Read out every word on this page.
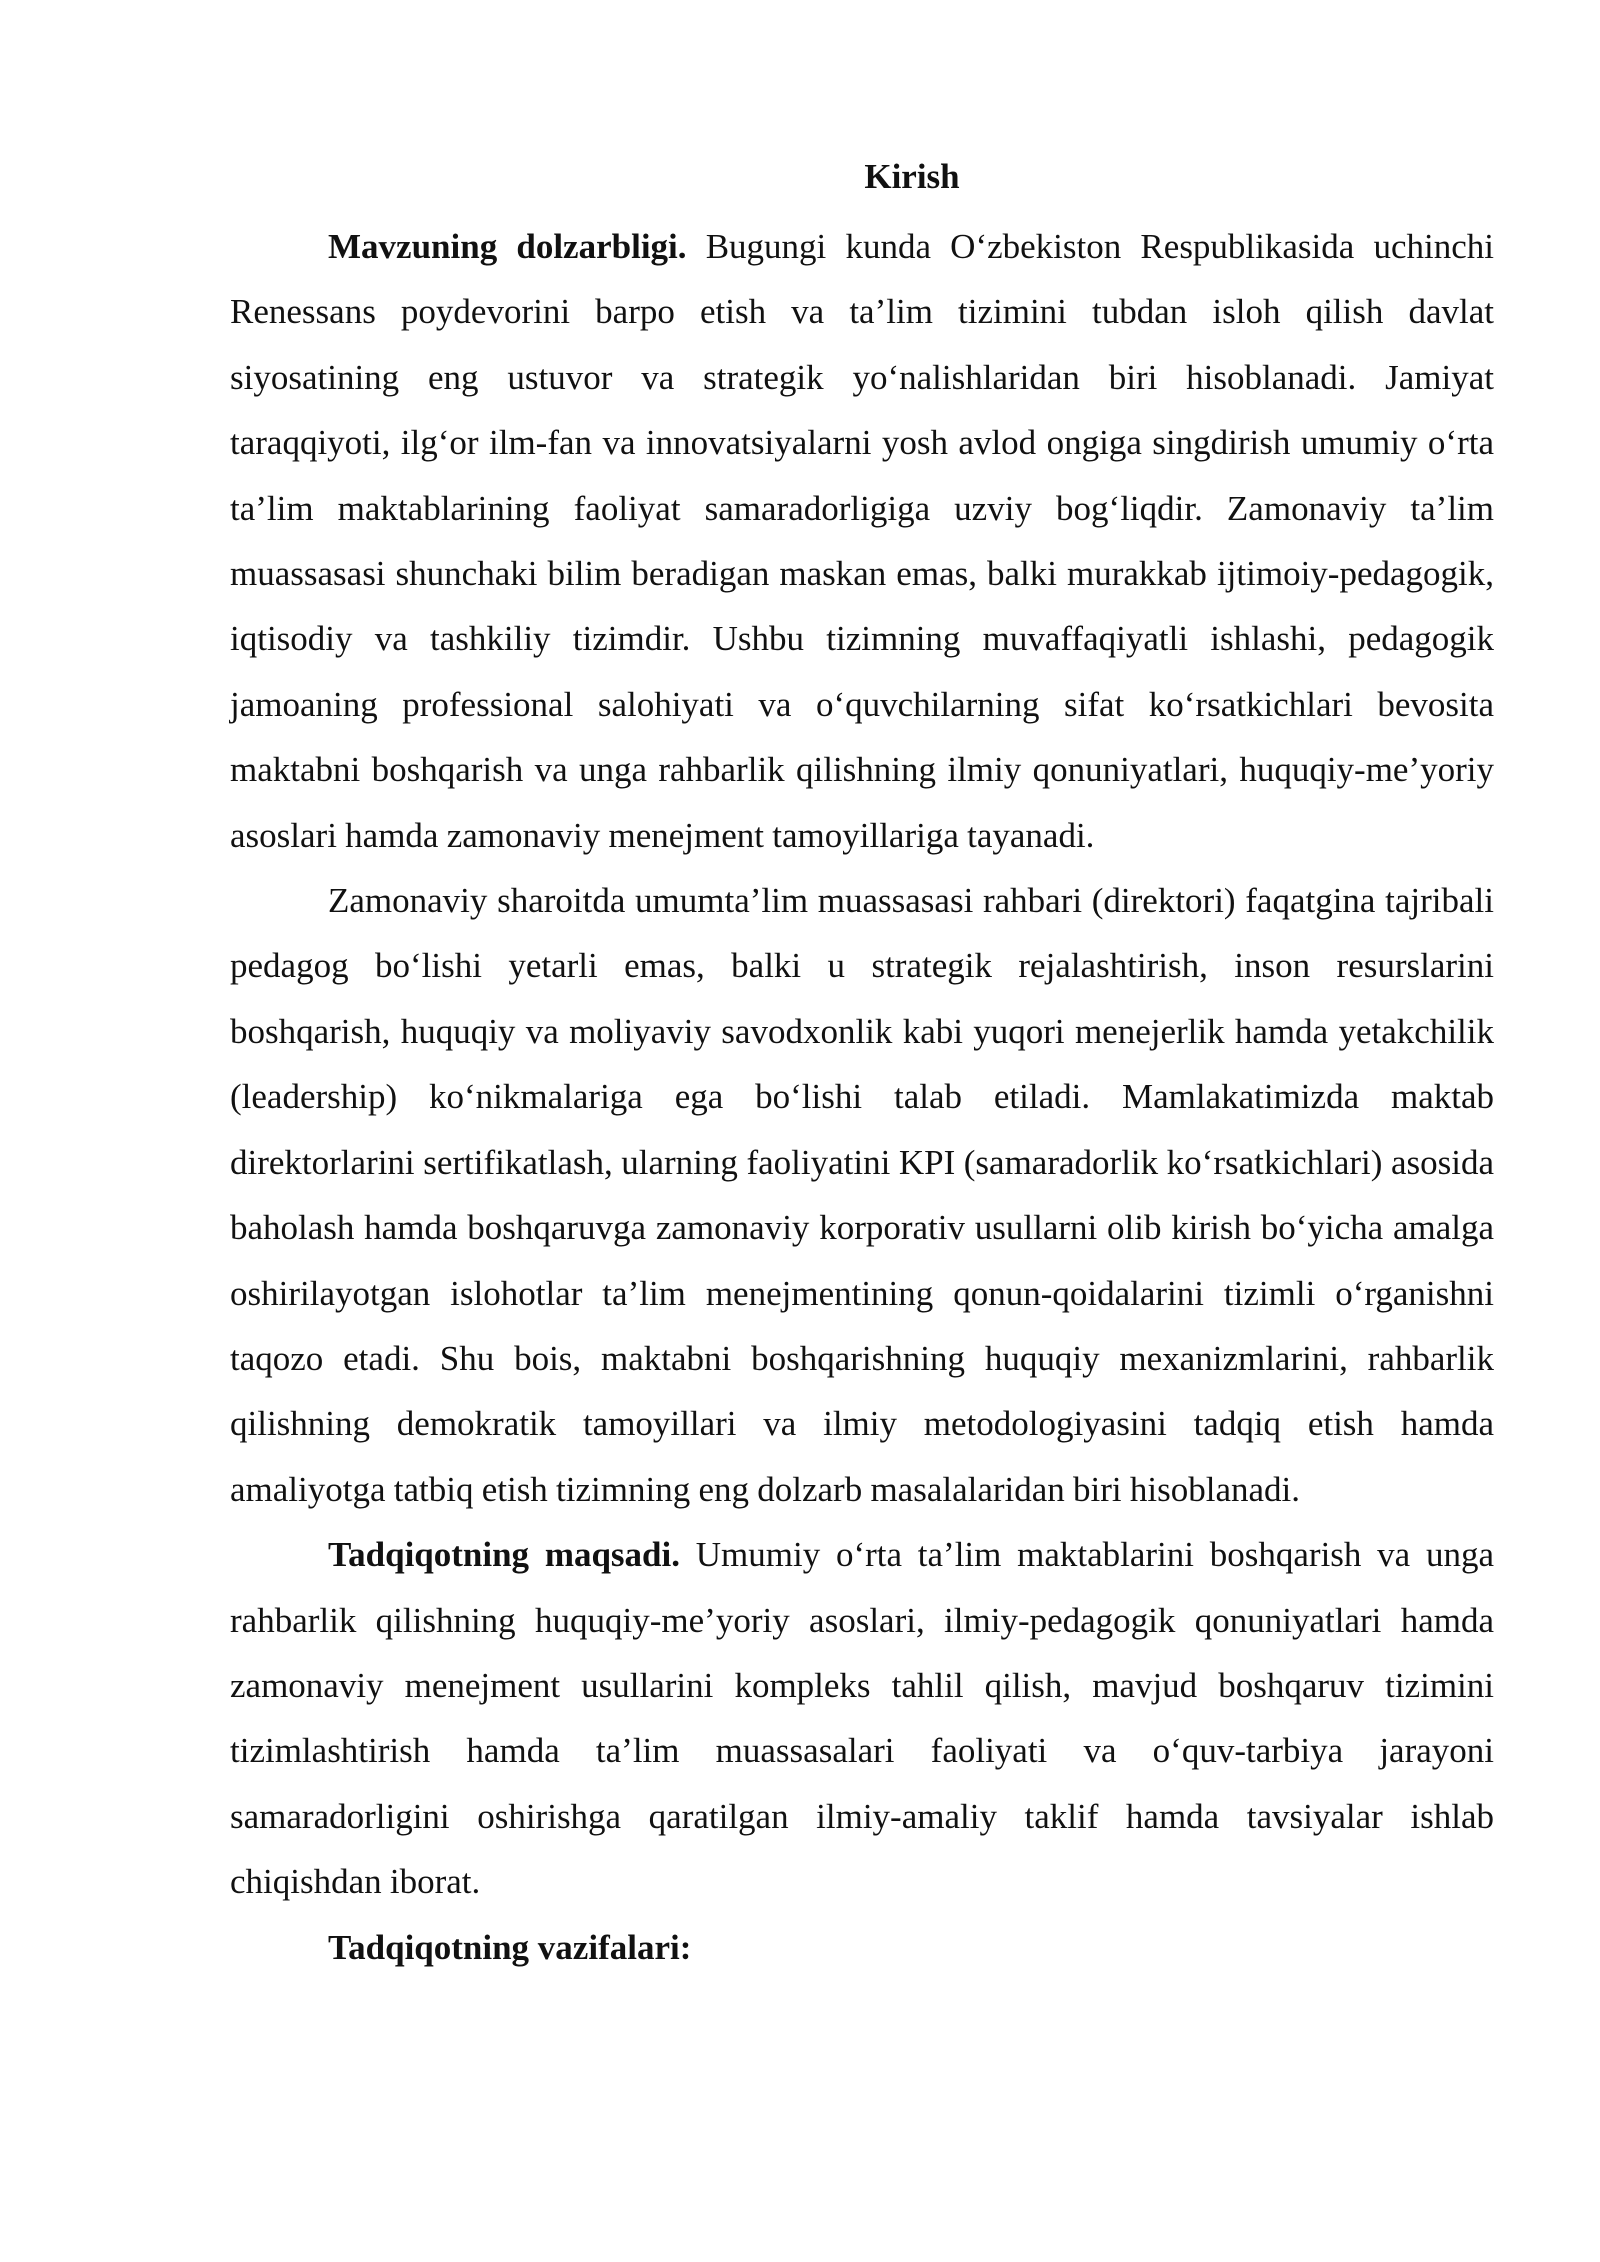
Kirish

Mavzuning dolzarbligi. Bugungi kunda O‘zbekiston Respublikasida uchinchi Renessans poydevorini barpo etish va ta’lim tizimini tubdan isloh qilish davlat siyosatining eng ustuvor va strategik yo‘nalishlaridan biri hisoblanadi. Jamiyat taraqqiyoti, ilg‘or ilm-fan va innovatsiyalarni yosh avlod ongiga singdirish umumiy o‘rta ta’lim maktablarining faoliyat samaradorligiga uzviy bog‘liqdir. Zamonaviy ta’lim muassasasi shunchaki bilim beradigan maskan emas, balki murakkab ijtimoiy-pedagogik, iqtisodiy va tashkiliy tizimdir. Ushbu tizimning muvaffaqiyatli ishlashi, pedagogik jamoaning professional salohiyati va o‘quvchilarning sifat ko‘rsatkichlari bevosita maktabni boshqarish va unga rahbarlik qilishning ilmiy qonuniyatlari, huquqiy-me’yoriy asoslari hamda zamonaviy menejment tamoyillariga tayanadi.

Zamonaviy sharoitda umumta’lim muassasasi rahbari (direktori) faqatgina tajribali pedagog bo‘lishi yetarli emas, balki u strategik rejalashtirish, inson resurslarini boshqarish, huquqiy va moliyaviy savodxonlik kabi yuqori menejerlik hamda yetakchilik (leadership) ko‘nikmalariga ega bo‘lishi talab etiladi. Mamlakatimizda maktab direktorlarini sertifikatlash, ularning faoliyatini KPI (samaradorlik ko‘rsatkichlari) asosida baholash hamda boshqaruvga zamonaviy korporativ usullarni olib kirish bo‘yicha amalga oshirilayotgan islohotlar ta’lim menejmentining qonun-qoidalarini tizimli o‘rganishni taqozo etadi. Shu bois, maktabni boshqarishning huquqiy mexanizmlarini, rahbarlik qilishning demokratik tamoyillari va ilmiy metodologiyasini tadqiq etish hamda amaliyotga tatbiq etish tizimning eng dolzarb masalalaridan biri hisoblanadi.

Tadqiqotning maqsadi. Umumiy o‘rta ta’lim maktablarini boshqarish va unga rahbarlik qilishning huquqiy-me’yoriy asoslari, ilmiy-pedagogik qonuniyatlari hamda zamonaviy menejment usullarini kompleks tahlil qilish, mavjud boshqaruv tizimini tizimlashtirish hamda ta’lim muassasalari faoliyati va o‘quv-tarbiya jarayoni samaradorligini oshirishga qaratilgan ilmiy-amaliy taklif hamda tavsiyalar ishlab chiqishdan iborat.

Tadqiqotning vazifalari:
